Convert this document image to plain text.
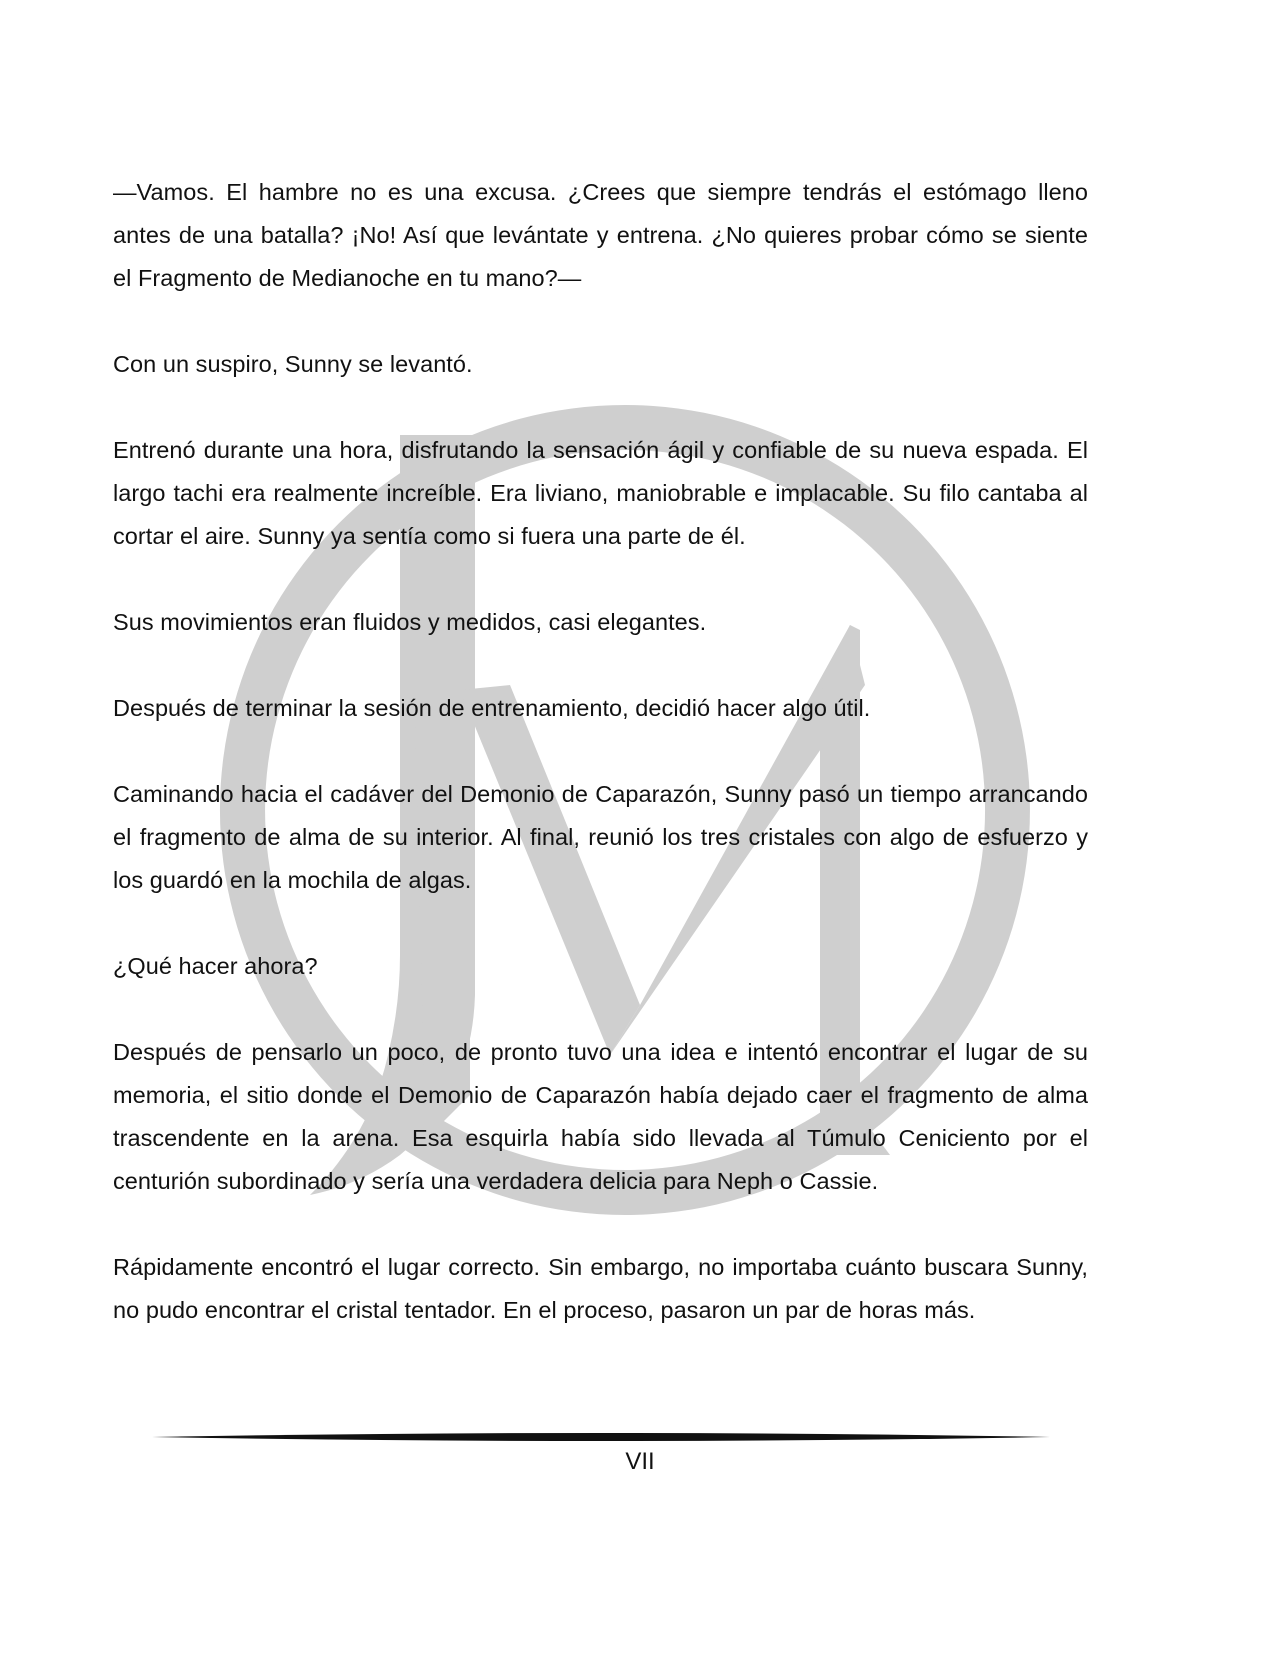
—Vamos. El hambre no es una excusa. ¿Crees que siempre tendrás el estómago lleno antes de una batalla? ¡No! Así que levántate y entrena. ¿No quieres probar cómo se siente el Fragmento de Medianoche en tu mano?—

Con un suspiro, Sunny se levantó.

Entrenó durante una hora, disfrutando la sensación ágil y confiable de su nueva espada. El largo tachi era realmente increíble. Era liviano, maniobrable e implacable. Su filo cantaba al cortar el aire. Sunny ya sentía como si fuera una parte de él.

Sus movimientos eran fluidos y medidos, casi elegantes.

Después de terminar la sesión de entrenamiento, decidió hacer algo útil.

Caminando hacia el cadáver del Demonio de Caparazón, Sunny pasó un tiempo arrancando el fragmento de alma de su interior. Al final, reunió los tres cristales con algo de esfuerzo y los guardó en la mochila de algas.

¿Qué hacer ahora?

Después de pensarlo un poco, de pronto tuvo una idea e intentó encontrar el lugar de su memoria, el sitio donde el Demonio de Caparazón había dejado caer el fragmento de alma trascendente en la arena. Esa esquirla había sido llevada al Túmulo Ceniciento por el centurión subordinado y sería una verdadera delicia para Neph o Cassie.

Rápidamente encontró el lugar correcto. Sin embargo, no importaba cuánto buscara Sunny, no pudo encontrar el cristal tentador. En el proceso, pasaron un par de horas más.

VII
